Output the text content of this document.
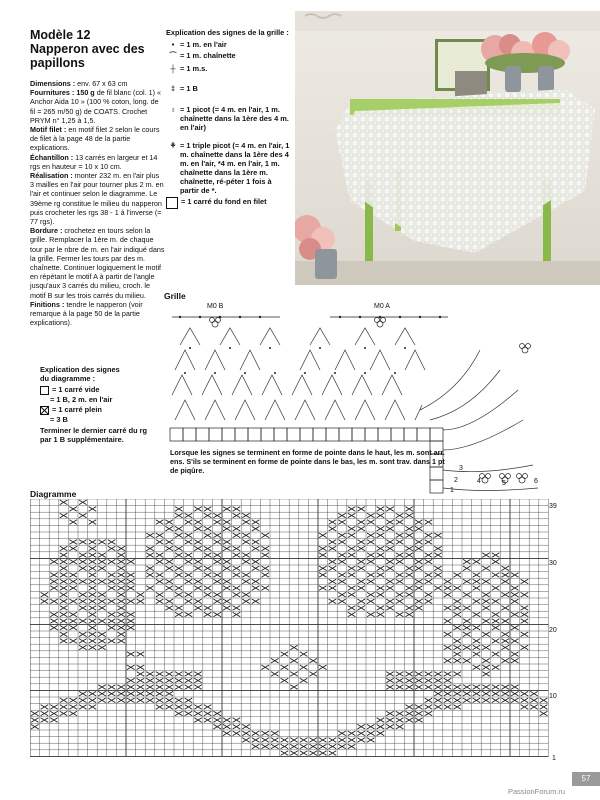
Modèle 12
Napperon avec des
papillons
Dimensions : env. 67 x 63 cm
Fournitures : 150 g de fil blanc (col. 1) « Anchor Aida 10 » (100 % coton, long. de fil = 265 m/50 g) de COATS. Crochet PRYM n° 1,25 à 1,5.
Motif filet : en motif filet 2 selon le cours de filet à la page 48 de la partie explications.
Échantillon : 13 carrés en largeur et 14 rgs en hauteur = 10 x 10 cm.
Réalisation : monter 232 m. en l'air plus 3 mailles en l'air pour tourner plus 2 m. en l'air et continuer selon le diagramme. Le 39ème rg constitue le milieu du napperon puis crocheter les rgs 38 - 1 à l'inverse (= 77 rgs).
Bordure : crochetez en tours selon la grille. Remplacer la 1ère m. de chaque tour par le nbre de m. en l'air indiqué dans la grille. Fermer les tours par des m. chaînette. Continuer logiquement le motif en répétant le motif A à partir de l'angle jusqu'aux 3 carrés du milieu, croch. le motif B sur les trois carrés du milieu.
Finitions : tendre le napperon (voir remarque à la page 50 de la partie explications).
Explication des signes
du diagramme :
= 1 carré vide
= 1 B, 2 m. en l'air
= 1 carré plein
= 3 B
Terminer le dernier carré du rg par 1 B supplémentaire.
Explication des signes de la grille :
• = 1 m. en l'air
⌒ = 1 m. chaînette
┼ = 1 m.s.
‡ = 1 B
♁ = 1 picot (= 4 m. en l'air, 1 m. chaînette dans la 1ère des 4 m. en l'air)
⚘ = 1 triple picot (= 4 m. en l'air, 1 m. chaînette dans la 1ère des 4 m. en l'air, *4 m. en l'air, 1 m. chaînette dans la 1ère m. chaînette, ré-péter 1 fois à partir de *.
= 1 carré du fond en filet
Grille
M0 B	M0 A
1
2
3
4	5	6
Lorsque les signes se terminent en forme de pointe dans le haut, les m. sont arr. ens. S'ils se terminent en forme de pointe dans le bas, les m. sont trav. dans 1 pt de piqûre.
Diagramme
39
30
20
10
1
57
PassionForum.ru
